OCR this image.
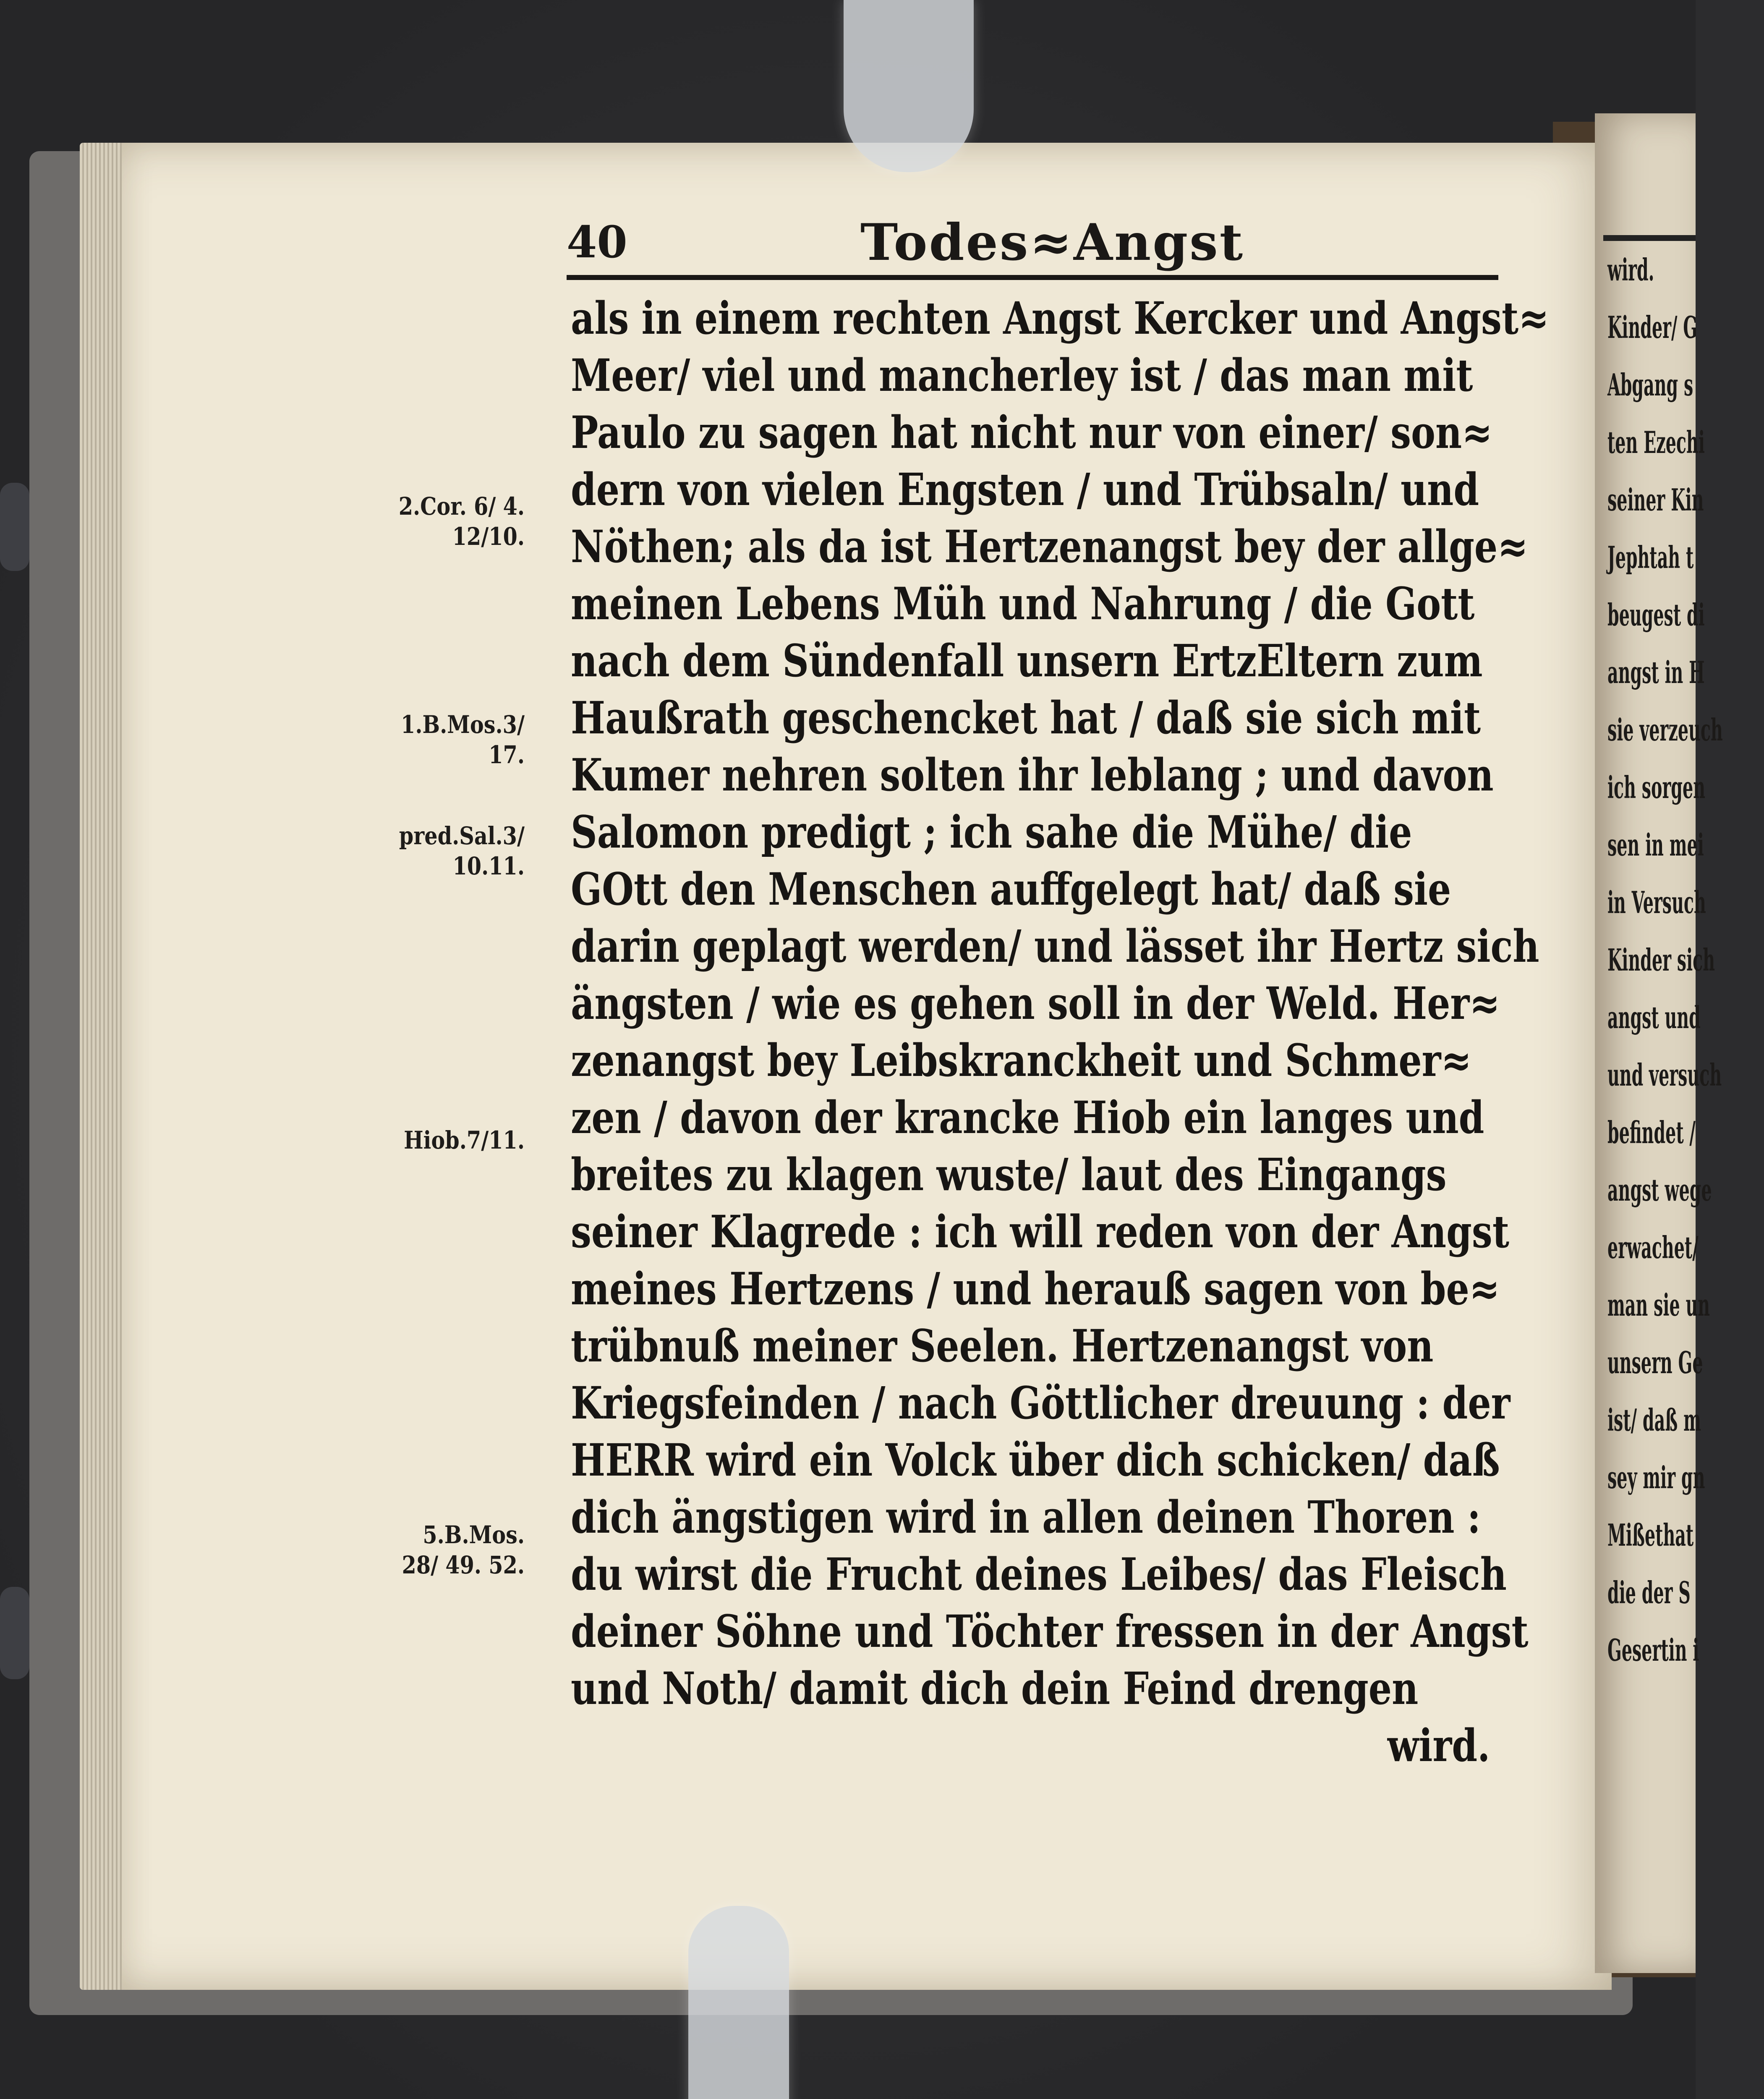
wird.
Kinder/ G
Abgang s
ten Ezechi
seiner Kin
Jephtah t
beugest di
angst in H
sie verzeuch
ich sorgen
sen in mei
in Versuch
Kinder sich
angst und
und versuch
befindet /
angst wege
erwachet/
man sie un
unsern Ge
ist/ daß m
sey mir gn
Mißethat
die der S
Gesertin i
40	Todes≈Angst
als in einem rechten Angst Kercker und Angst≈
Meer/ viel und mancherley ist / das man mit
Paulo zu sagen hat nicht nur von einer/ son≈
dern von vielen Engsten / und Trübsaln/ und
Nöthen; als da ist Hertzenangst bey der allge≈
meinen Lebens Müh und Nahrung / die Gott
nach dem Sündenfall unsern ErtzEltern zum
Haußrath geschencket hat / daß sie sich mit
Kumer nehren solten ihr leblang ; und davon
Salomon predigt ; ich sahe die Mühe/ die
GOtt den Menschen auffgelegt hat/ daß sie
darin geplagt werden/ und lässet ihr Hertz sich
ängsten / wie es gehen soll in der Weld. Her≈
zenangst bey Leibskranckheit und Schmer≈
zen / davon der krancke Hiob ein langes und
breites zu klagen wuste/ laut des Eingangs
seiner Klagrede : ich will reden von der Angst
meines Hertzens / und herauß sagen von be≈
trübnuß meiner Seelen. Hertzenangst von
Kriegsfeinden / nach Göttlicher dreuung : der
HERR wird ein Volck über dich schicken/ daß
dich ängstigen wird in allen deinen Thoren :
du wirst die Frucht deines Leibes/ das Fleisch
deiner Söhne und Töchter fressen in der Angst
und Noth/ damit dich dein Feind drengen
wird.
2.Cor. 6/ 4.
12/10.
1.B.Mos.3/
17.
pred.Sal.3/
10.11.
Hiob.7/11.
5.B.Mos.
28/ 49. 52.
